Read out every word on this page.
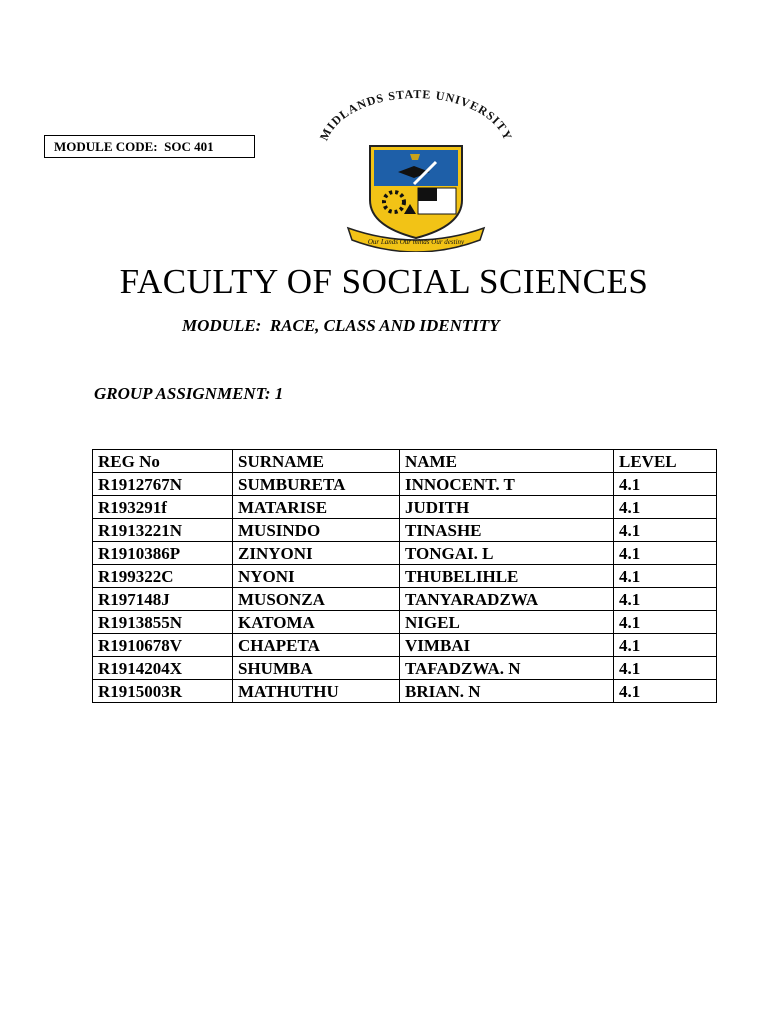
MODULE CODE:  SOC 401
MIDLANDS STATE UNIVERSITY
Our Lands Our minds Our destiny
FACULTY OF SOCIAL SCIENCES
MODULE:  RACE, CLASS AND IDENTITY
GROUP ASSIGNMENT: 1
REG No	SURNAME	NAME	LEVEL
R1912767N	SUMBURETA	INNOCENT. T	4.1
R193291f	MATARISE	JUDITH	4.1
R1913221N	MUSINDO	TINASHE	4.1
R1910386P	ZINYONI	TONGAI. L	4.1
R199322C	NYONI	THUBELIHLE	4.1
R197148J	MUSONZA	TANYARADZWA	4.1
R1913855N	KATOMA	NIGEL	4.1
R1910678V	CHAPETA	VIMBAI	4.1
R1914204X	SHUMBA	TAFADZWA. N	4.1
R1915003R	MATHUTHU	BRIAN. N	4.1
